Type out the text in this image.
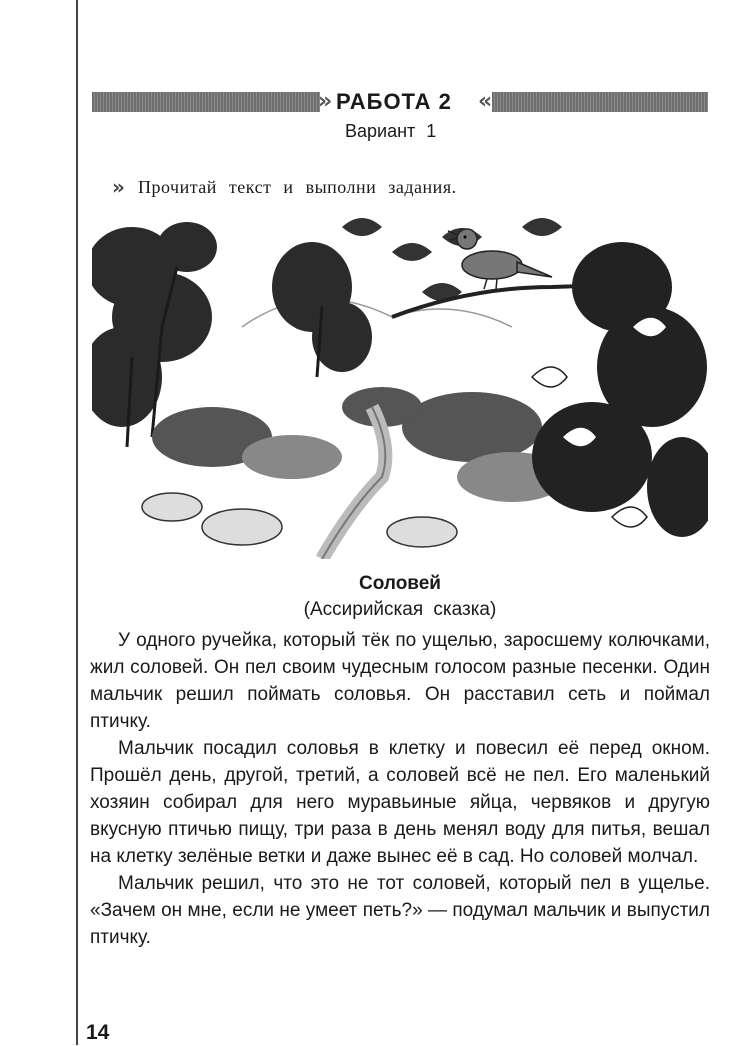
» РАБОТА 2	«
Вариант 1
» Прочитай текст и выполни задания.
Соловей
(Ассирийская сказка)

У одного ручейка, который тёк по ущелью, заросшему колючками, жил соловей. Он пел своим чудесным голосом разные песенки. Один мальчик решил поймать соловья. Он расставил сеть и поймал птичку.

Мальчик посадил соловья в клетку и повесил её перед окном. Прошёл день, другой, третий, а соловей всё не пел. Его маленький хозяин собирал для него муравьиные яйца, червяков и другую вкусную птичью пищу, три раза в день менял воду для питья, вешал на клетку зелёные ветки и даже вынес её в сад. Но соловей молчал.

Мальчик решил, что это не тот соловей, который пел в ущелье. «Зачем он мне, если не умеет петь?» — подумал мальчик и выпустил птичку.

14
